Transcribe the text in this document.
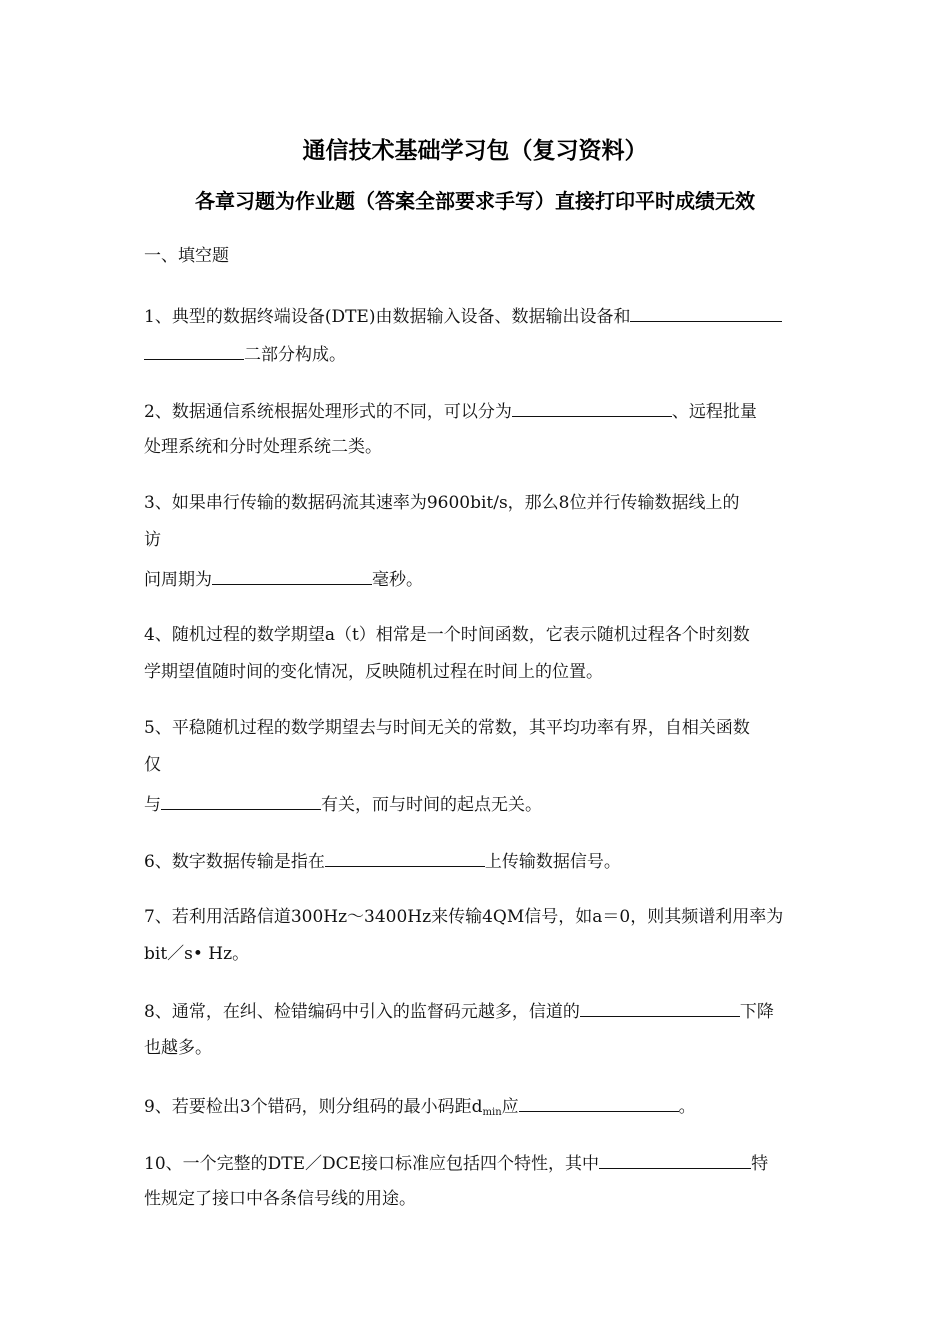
通信技术基础学习包（复习资料）
各章习题为作业题（答案全部要求手写）直接打印平时成绩无效
一、填空题
1、典型的数据终端设备(DTE)由数据输入设备、数据输出设备和
二部分构成。
2、数据通信系统根据处理形式的不同，可以分为	、远程批量
处理系统和分时处理系统二类。
3、如果串行传输的数据码流其速率为9600bit/s，那么8位并行传输数据线上的
访
问周期为	毫秒。
4、随机过程的数学期望a（t）相常是一个时间函数，它表示随机过程各个时刻数
学期望值随时间的变化情况，反映随机过程在时间上的位置。
5、平稳随机过程的数学期望去与时间无关的常数，其平均功率有界，自相关函数
仅
与	有关，而与时间的起点无关。
6、数字数据传输是指在	上传输数据信号。
7、若利用活路信道300Hz～3400Hz来传输4QM信号，如a＝0，则其频谱利用率为
bit／s• Hz。
8、通常，在纠、检错编码中引入的监督码元越多，信道的	下降
也越多。
9、若要检出3个错码，则分组码的最小码距$d_{min}$应	。
10、一个完整的DTE／DCE接口标准应包括四个特性，其中	特
性规定了接口中各条信号线的用途。
